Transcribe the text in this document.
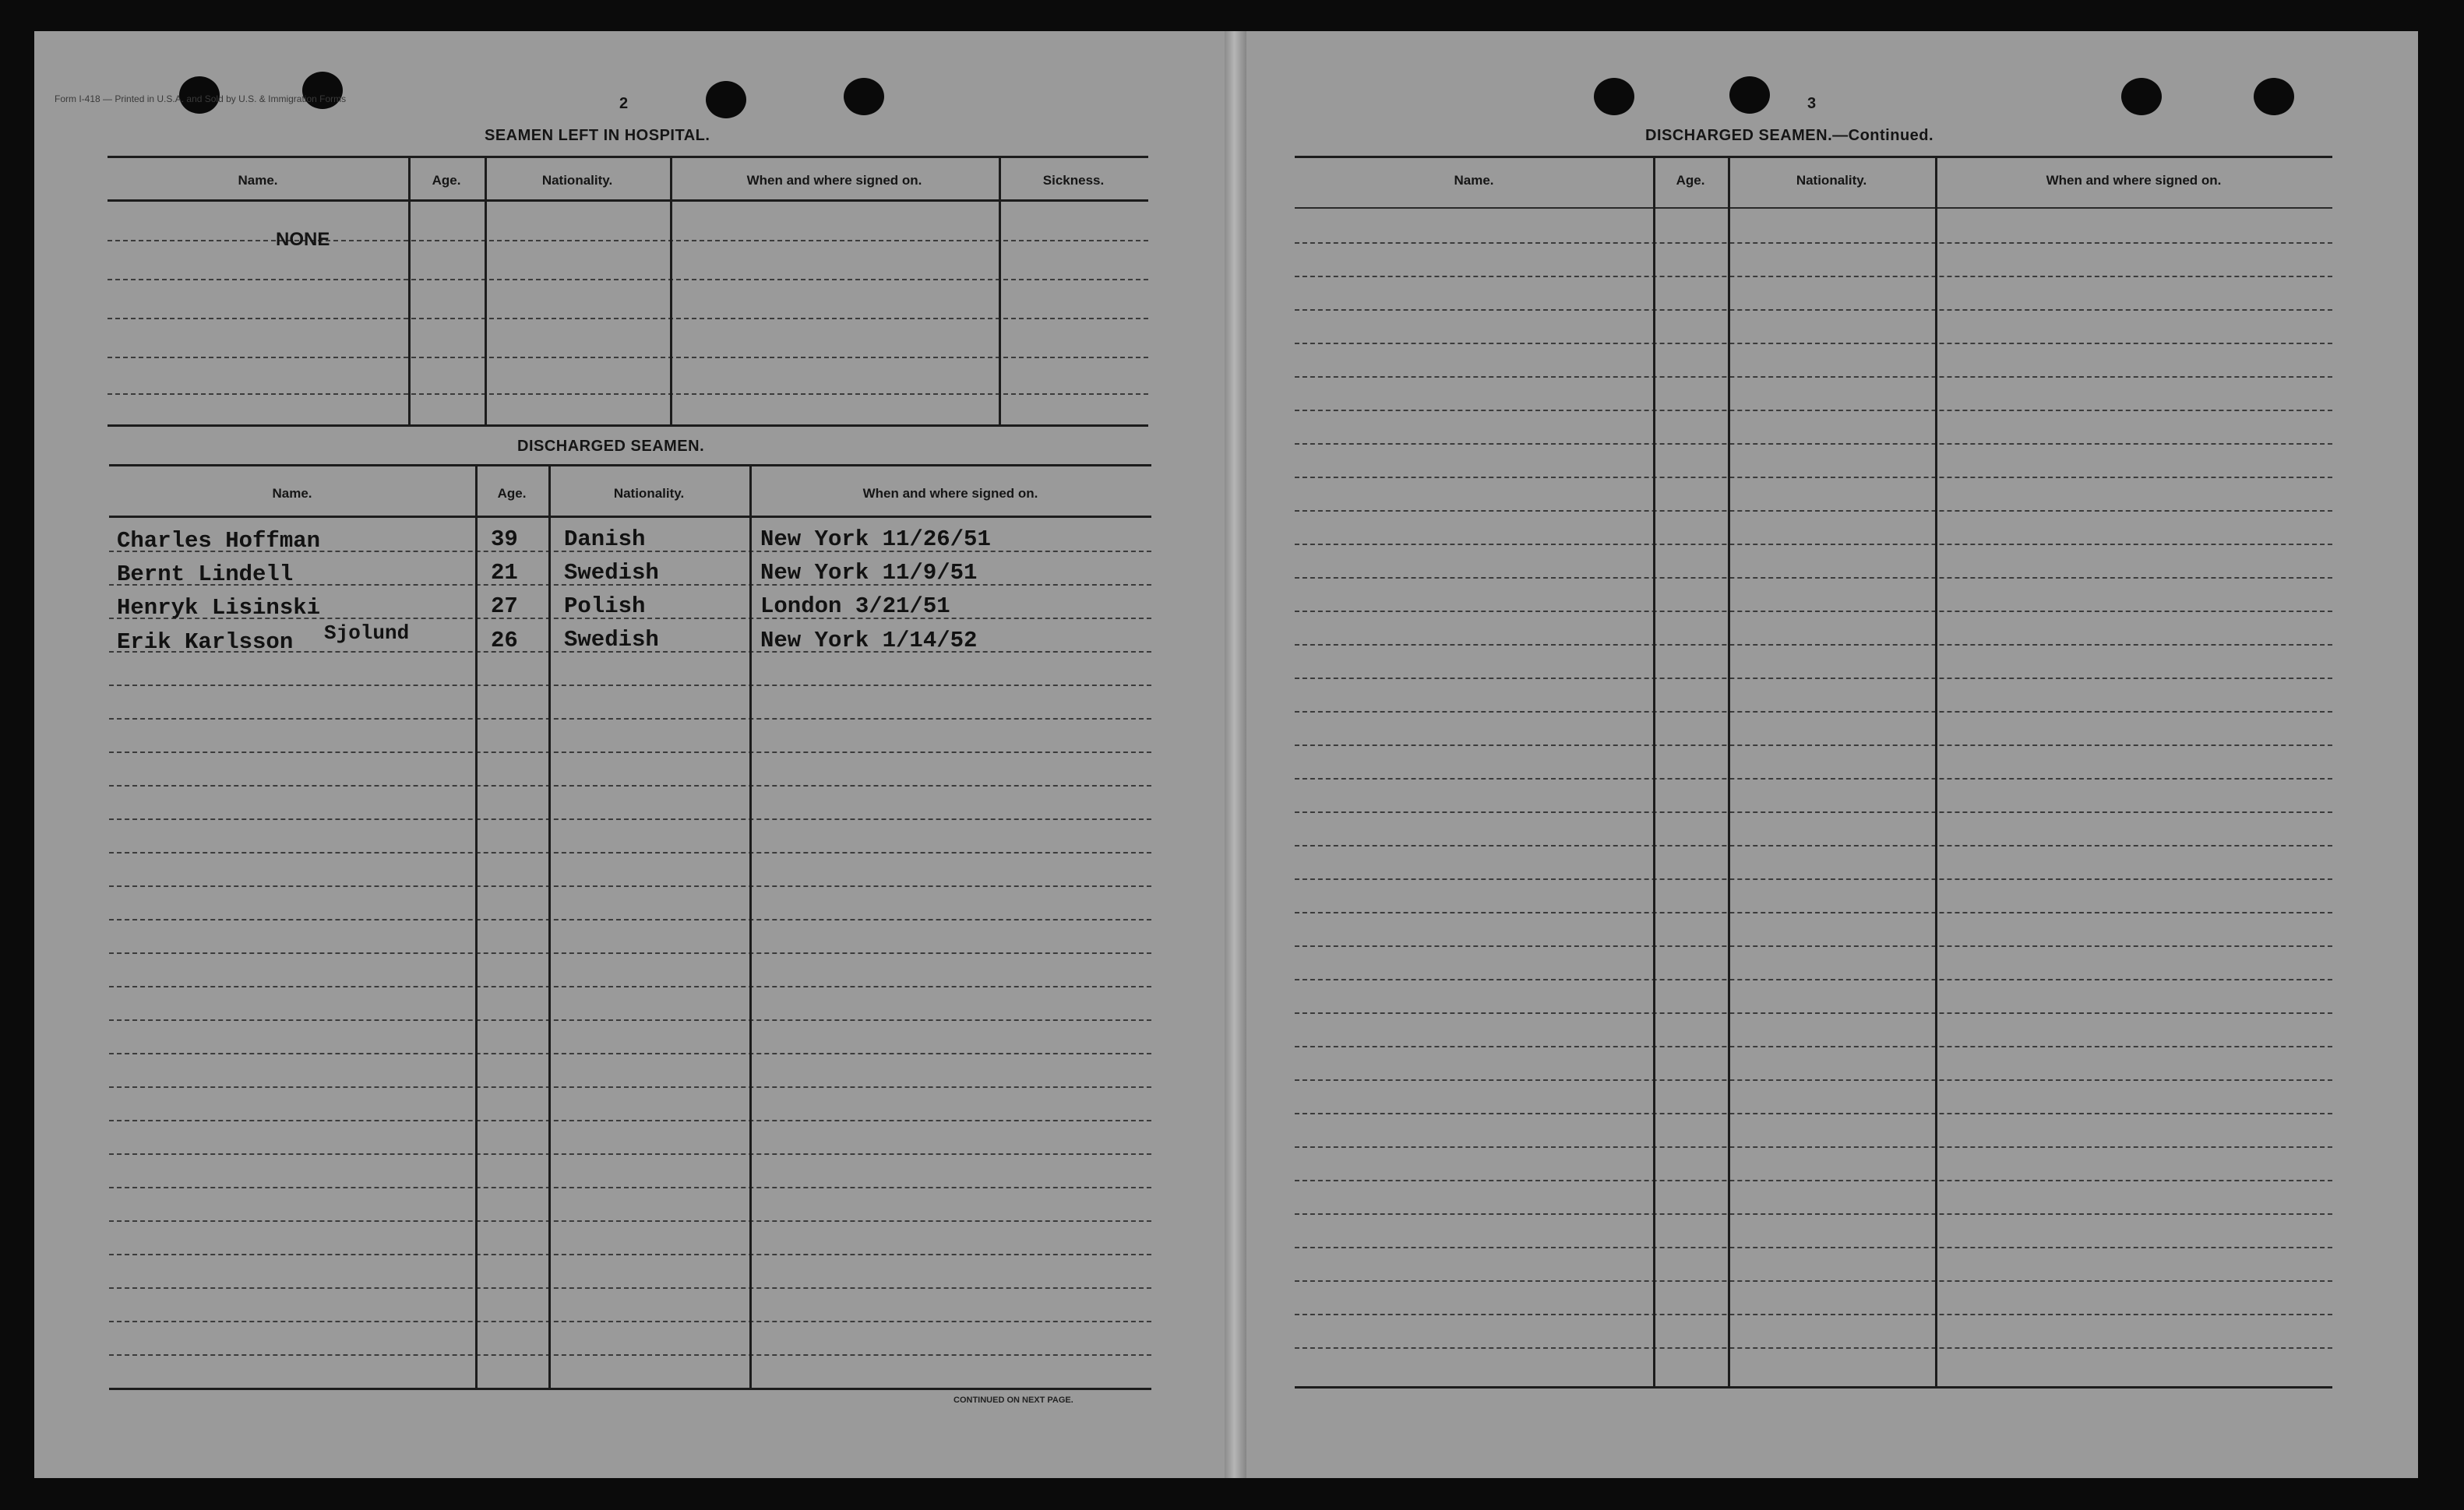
Form I-418 — Printed in U.S.A. and Sold by U.S. & Immigration Forms	2
SEAMEN LEFT IN HOSPITAL.
Name.	Age.	Nationality.	When and where signed on.	Sickness.
NONE
DISCHARGED SEAMEN.
Name.	Age.	Nationality.	When and where signed on.
Charles Hoffman	39 Danish	New York 11/26/51
Bernt Lindell	21 Swedish	New York 11/9/51
Henryk Lisinski	27 Polish	London 3/21/51
Erik Karlsson Sjolund	26 Swedish	New York 1/14/52
CONTINUED ON NEXT PAGE.
3
DISCHARGED SEAMEN.—Continued.
Name.	Age.	Nationality.	When and where signed on.
